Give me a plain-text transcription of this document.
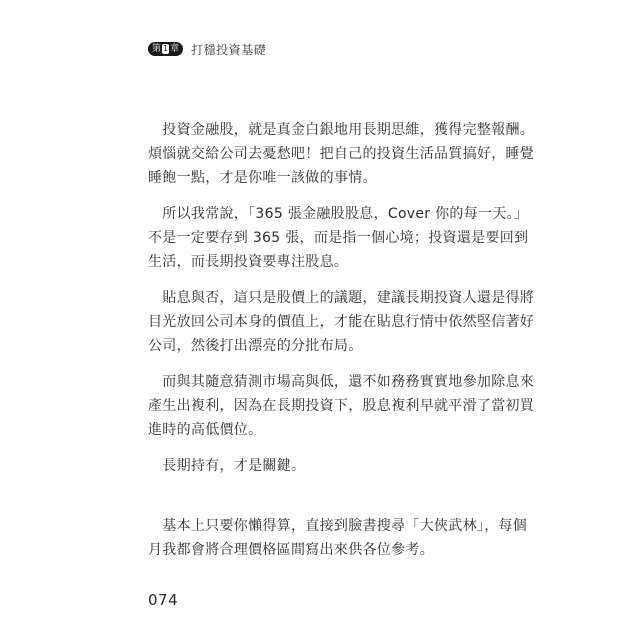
第 1 章 打穩投資基礎

　投資金融股，就是真金白銀地用長期思維，獲得完整報酬。
煩惱就交給公司去憂愁吧！把自己的投資生活品質搞好，睡覺
睡飽一點，才是你唯一該做的事情。

　所以我常說，「365 張金融股股息，Cover 你的每一天。」
不是一定要存到 365 張，而是指一個心境；投資還是要回到
生活，而長期投資要專注股息。

　貼息與否，這只是股價上的議題，建議長期投資人還是得將
目光放回公司本身的價值上，才能在貼息行情中依然堅信著好
公司，然後打出漂亮的分批布局。

　而與其隨意猜測市場高與低，還不如務務實實地參加除息來
產生出複利，因為在長期投資下，股息複利早就平滑了當初買
進時的高低價位。

　長期持有，才是關鍵。

　基本上只要你懶得算，直接到臉書搜尋「大俠武林」，每個
月我都會將合理價格區間寫出來供各位參考。

074
